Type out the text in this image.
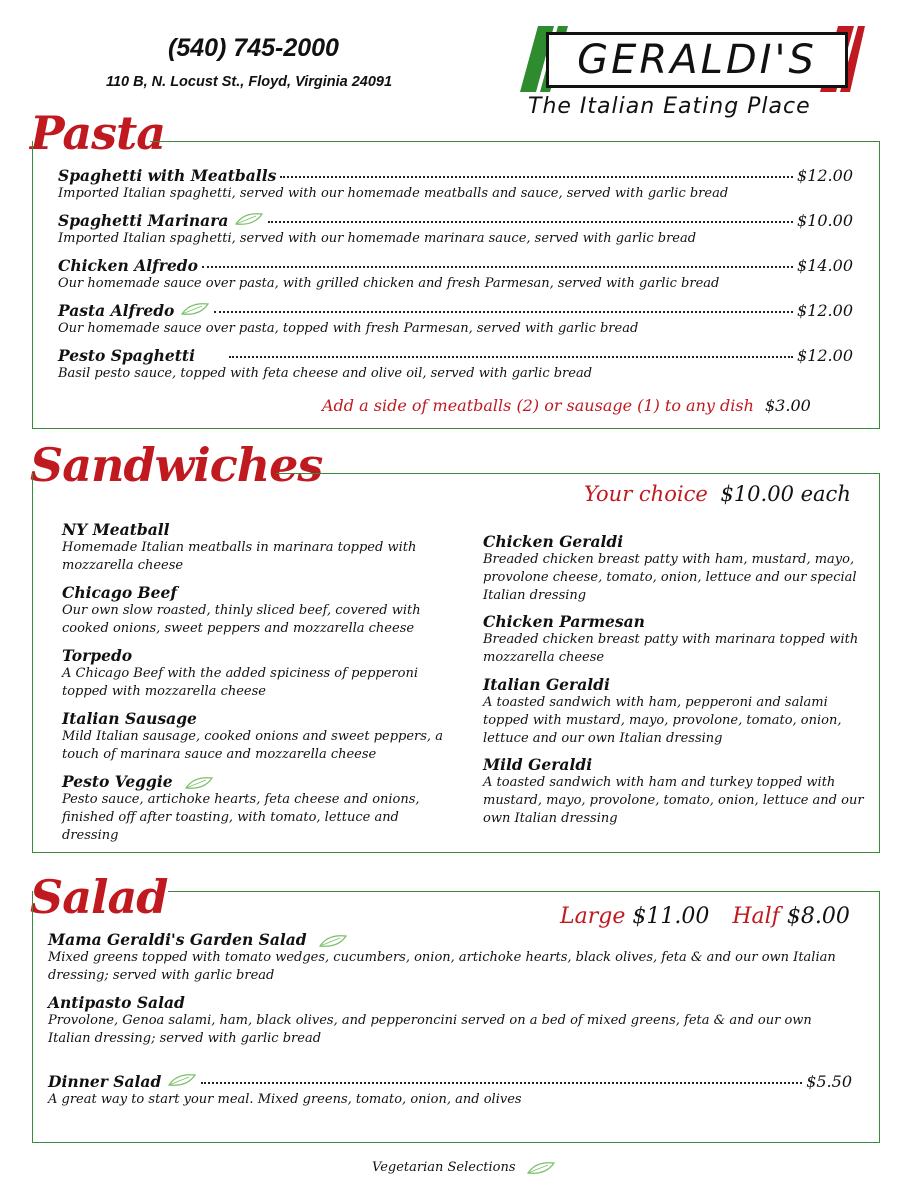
(540) 745-2000
110 B, N. Locust St., Floyd, Virginia 24091	GERALDI'S
The Italian Eating Place
Pasta
Spaghetti with Meatballs	$12.00
Imported Italian spaghetti, served with our homemade meatballs and sauce, served with garlic bread
Spaghetti Marinara	$10.00
Imported Italian spaghetti, served with our homemade marinara sauce, served with garlic bread
Chicken Alfredo	$14.00
Our homemade sauce over pasta, with grilled chicken and fresh Parmesan, served with garlic bread
Pasta Alfredo	$12.00
Our homemade sauce over pasta, topped with fresh Parmesan, served with garlic bread
Pesto Spaghetti	$12.00
Basil pesto sauce, topped with feta cheese and olive oil, served with garlic bread
Add a side of meatballs (2) or sausage (1) to any dish $3.00
Sandwiches
Your choice $10.00 each
NY Meatball
Homemade Italian meatballs in marinara topped with mozzarella cheese
Chicago Beef
Our own slow roasted, thinly sliced beef, covered with cooked onions, sweet peppers and mozzarella cheese
Torpedo
A Chicago Beef with the added spiciness of pepperoni topped with mozzarella cheese
Italian Sausage
Mild Italian sausage, cooked onions and sweet peppers, a touch of marinara sauce and mozzarella cheese
Pesto Veggie
Pesto sauce, artichoke hearts, feta cheese and onions, finished off after toasting, with tomato, lettuce and dressing
Chicken Geraldi
Breaded chicken breast patty with ham, mustard, mayo, provolone cheese, tomato, onion, lettuce and our special Italian dressing
Chicken Parmesan
Breaded chicken breast patty with marinara topped with mozzarella cheese
Italian Geraldi
A toasted sandwich with ham, pepperoni and salami topped with mustard, mayo, provolone, tomato, onion, lettuce and our own Italian dressing
Mild Geraldi
A toasted sandwich with ham and turkey topped with mustard, mayo, provolone, tomato, onion, lettuce and our own Italian dressing
Salad	Large $11.00 Half $8.00
Mama Geraldi's Garden Salad
Mixed greens topped with tomato wedges, cucumbers, onion, artichoke hearts, black olives, feta & and our own Italian dressing; served with garlic bread
Antipasto Salad
Provolone, Genoa salami, ham, black olives, and pepperoncini served on a bed of mixed greens, feta & and our own Italian dressing; served with garlic bread
Dinner Salad	$5.50
A great way to start your meal. Mixed greens, tomato, onion, and olives
Vegetarian Selections
